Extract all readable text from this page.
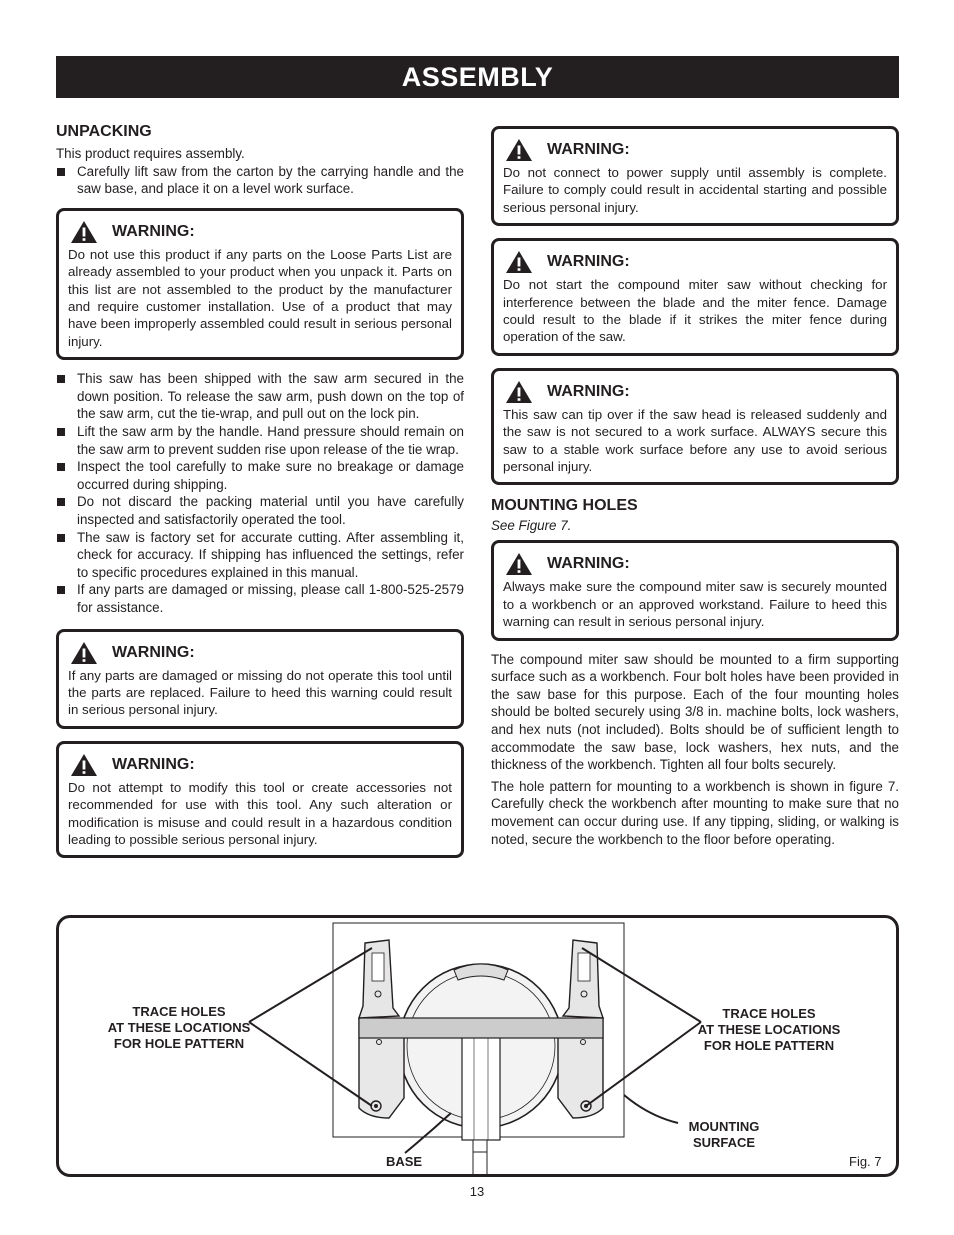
ASSEMBLY
UNPACKING
This product requires assembly.
Carefully lift saw from the carton by the carrying handle and the saw base, and place it on a level work surface.
WARNING:
Do not use this product if any parts on the Loose Parts List are already assembled to your product when you unpack it. Parts on this list are not assembled to the product by the manufacturer and require customer installation. Use of a product that may have been improperly assembled could result in serious personal injury.
This saw has been shipped with the saw arm secured in the down position. To release the saw arm, push down on the top of the saw arm, cut the tie-wrap, and pull out on the lock pin.
Lift the saw arm by the handle. Hand pressure should remain on the saw arm to prevent sudden rise upon release of the tie wrap.
Inspect the tool carefully to make sure no breakage or damage occurred during shipping.
Do not discard the packing material until you have carefully inspected and satisfactorily operated the tool.
The saw is factory set for accurate cutting. After assembling it, check for accuracy. If shipping has influenced the settings, refer to specific procedures explained in this manual.
If any parts are damaged or missing, please call 1-800-525-2579 for assistance.
WARNING:
If any parts are damaged or missing do not operate this tool until the parts are replaced. Failure to heed this warning could result in serious personal injury.
WARNING:
Do not attempt to modify this tool or create accessories not recommended for use with this tool. Any such alteration or modification is misuse and could result in a hazardous condition leading to possible serious personal injury.
WARNING:
Do not connect to power supply until assembly is complete. Failure to comply could result in accidental starting and possible serious personal injury.
WARNING:
Do not start the compound miter saw without checking for interference between the blade and the miter fence. Damage could result to the blade if it strikes the miter fence during operation of the saw.
WARNING:
This saw can tip over if the saw head is released suddenly and the saw is not secured to a work surface. ALWAYS secure this saw to a stable work surface before any use to avoid serious personal injury.
MOUNTING HOLES
See Figure 7.
WARNING:
Always make sure the compound miter saw is securely mounted to a workbench or an approved workstand. Failure to heed this warning can result in serious personal injury.
The compound miter saw should be mounted to a firm supporting surface such as a workbench. Four bolt holes have been provided in the saw base for this purpose. Each of the four mounting holes should be bolted securely using 3/8 in. machine bolts, lock washers, and hex nuts (not included). Bolts should be of sufficient length to accommodate the saw base, lock washers, hex nuts, and the thickness of the workbench. Tighten all four bolts securely.
The hole pattern for mounting to a workbench is shown in figure 7. Carefully check the workbench after mounting to make sure that no movement can occur during use. If any tipping, sliding, or walking is noted, secure the workbench to the floor before operating.
TRACE HOLES
AT THESE LOCATIONS
FOR HOLE PATTERN
TRACE HOLES
AT THESE LOCATIONS
FOR HOLE PATTERN
MOUNTING
SURFACE
BASE	Fig. 7
13
